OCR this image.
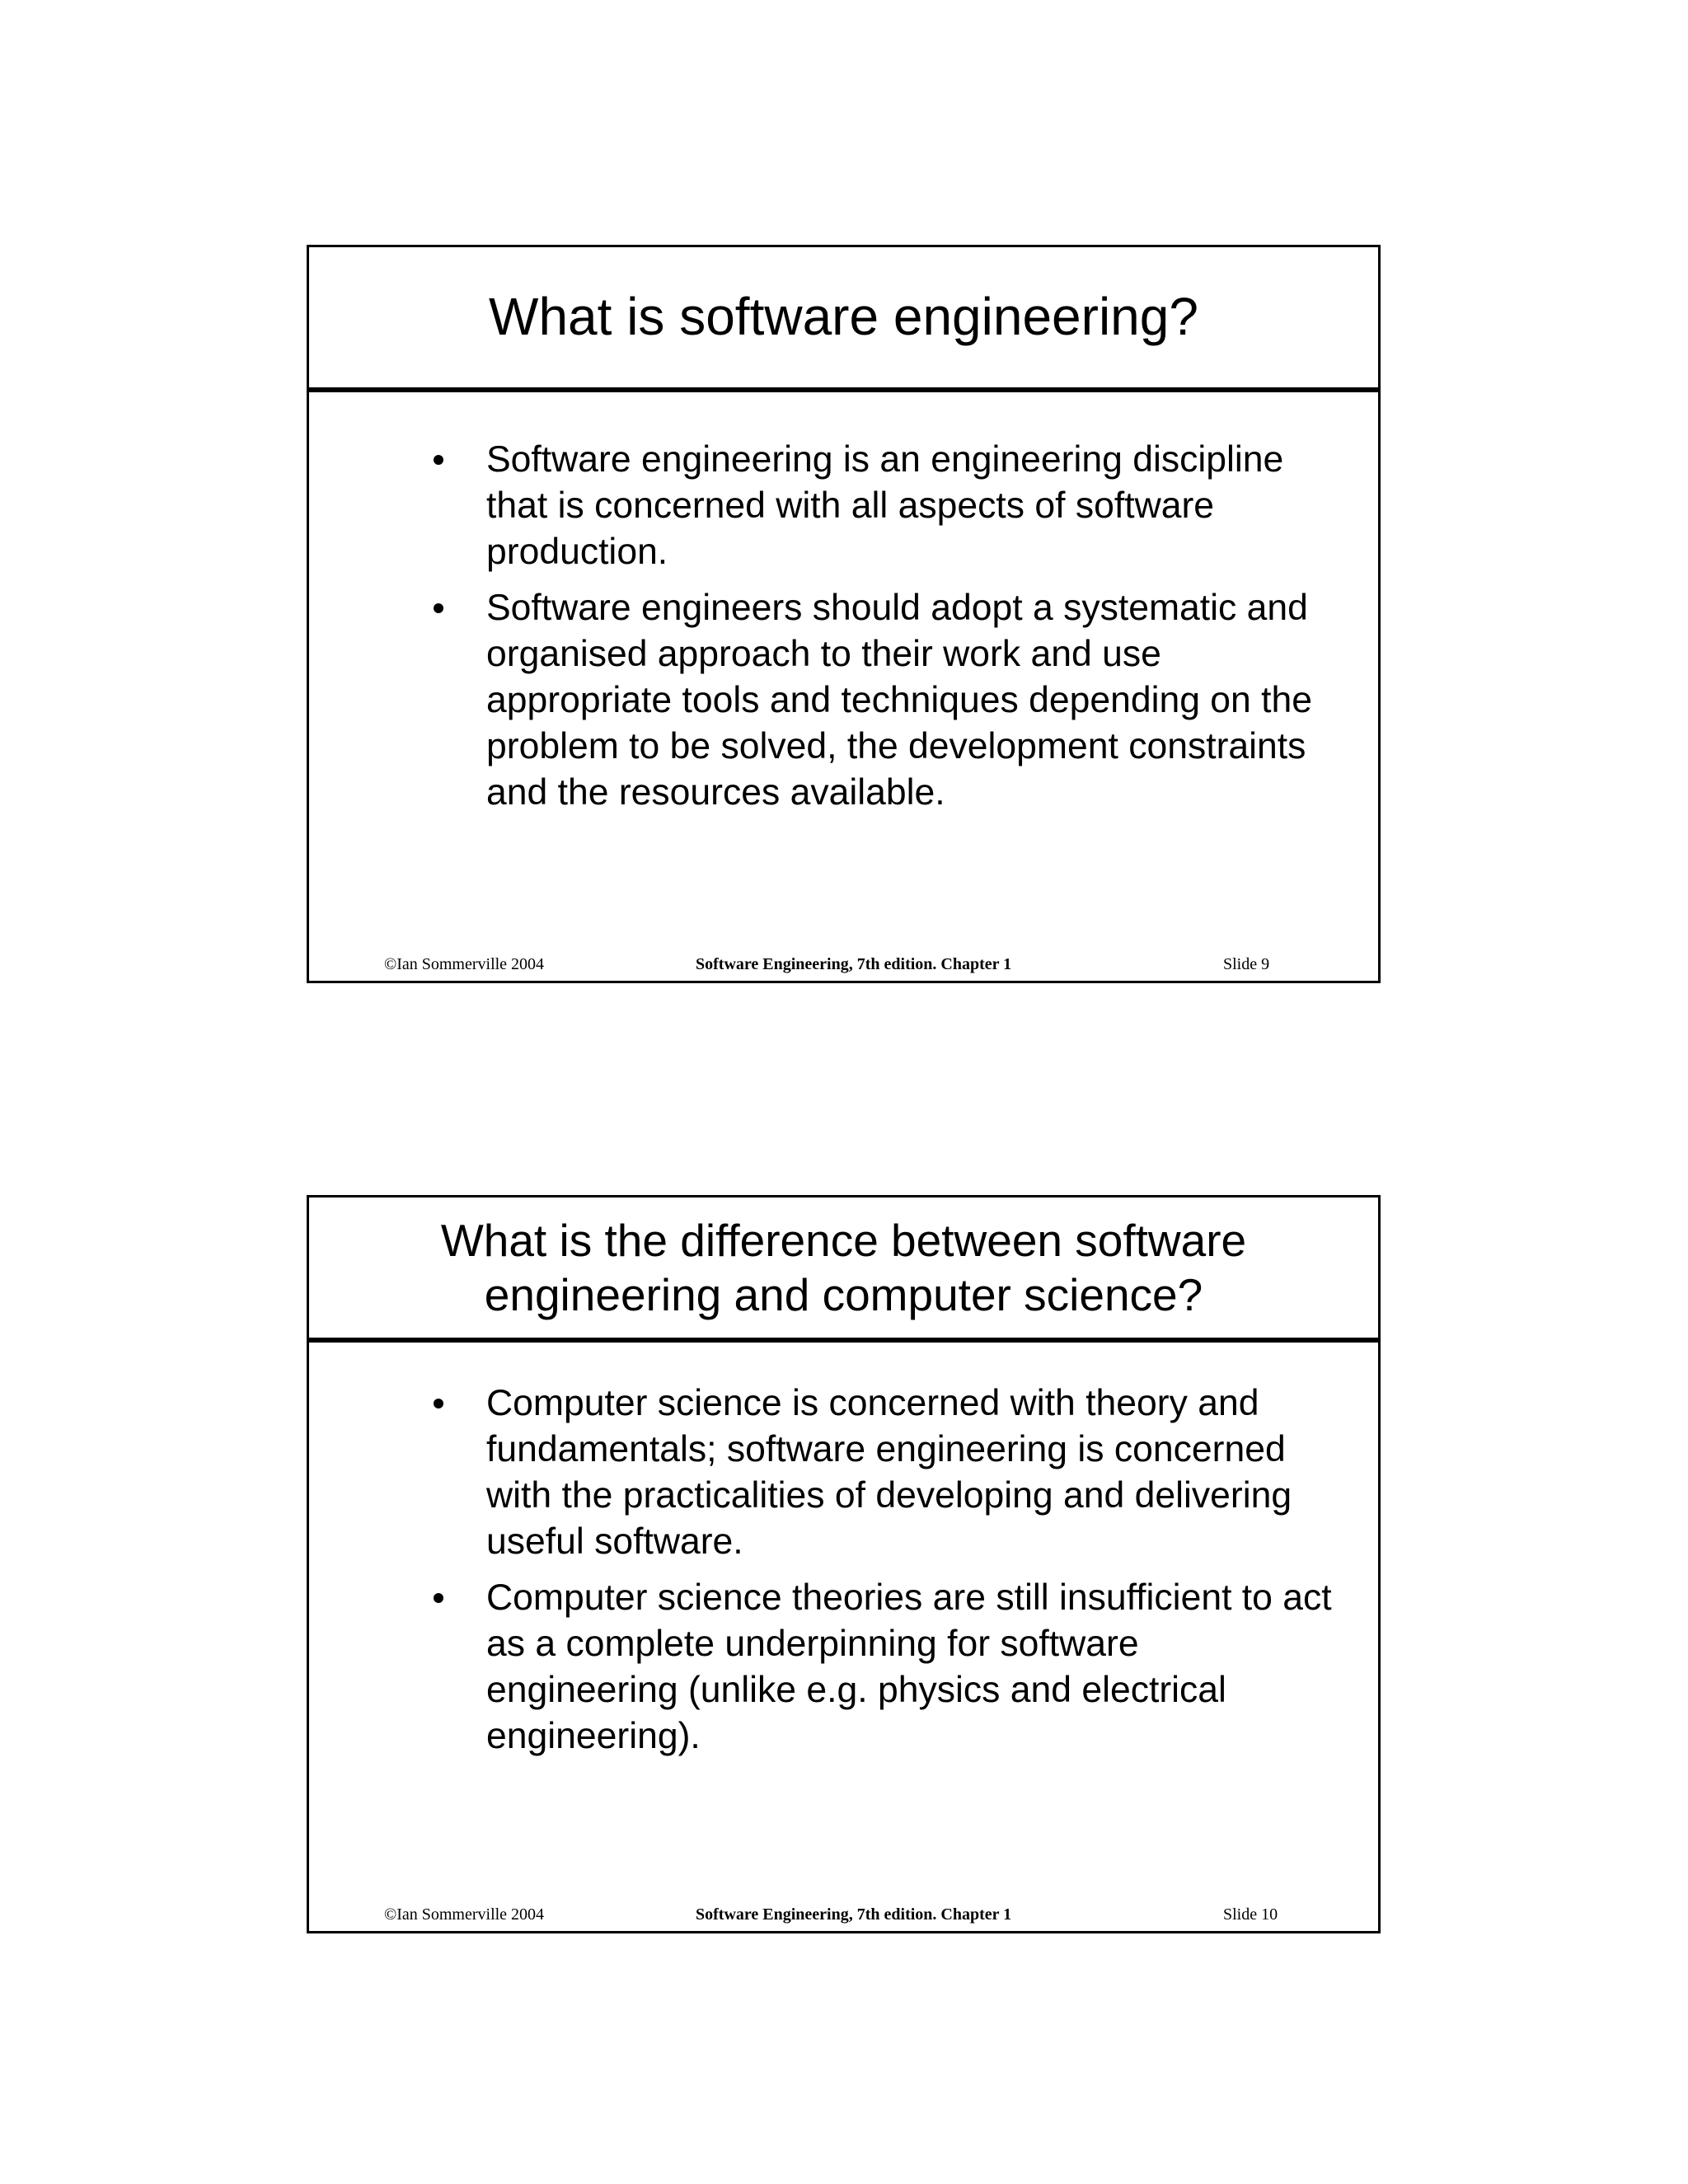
What is software engineering?
Software engineering is an engineering discipline that is concerned with all aspects of software production.
Software engineers should adopt a systematic and organised approach to their work and use appropriate tools and techniques depending on the problem to be solved, the development constraints and the resources available.
©Ian Sommerville 2004	Software Engineering, 7th edition. Chapter 1	Slide 9
What is the difference between software engineering and computer science?
Computer science is concerned with theory and fundamentals; software engineering is concerned with the practicalities of developing and delivering useful software.
Computer science theories are still insufficient to act as a complete underpinning for software engineering (unlike e.g. physics and electrical engineering).
©Ian Sommerville 2004	Software Engineering, 7th edition. Chapter 1	Slide 10
